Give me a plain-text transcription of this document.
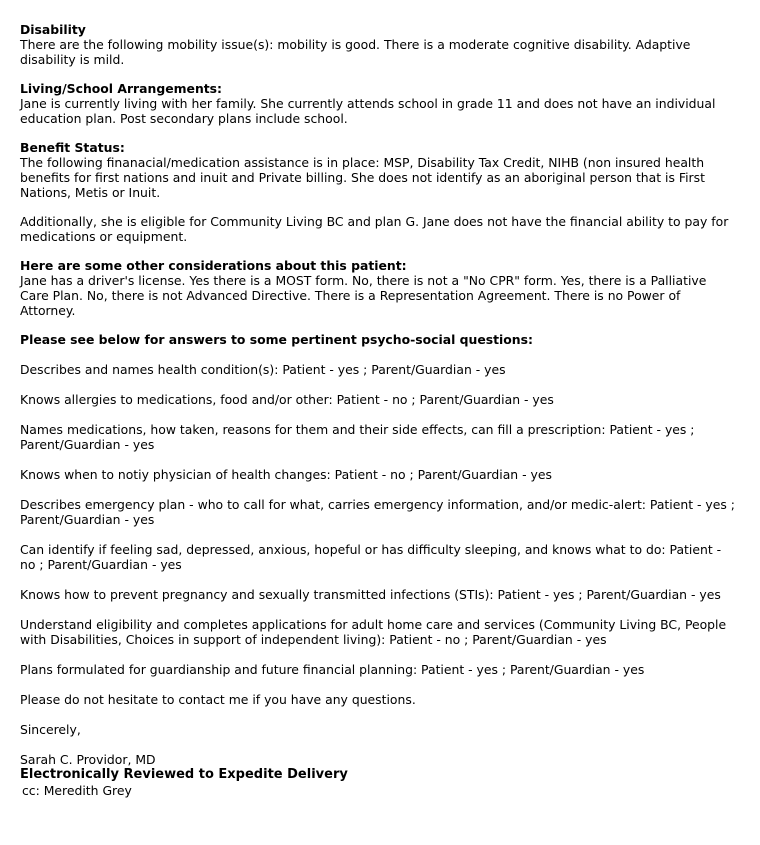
Disability

There are the following mobility issue(s): mobility is good. There is a moderate cognitive disability. Adaptive disability is mild.

Living/School Arrangements:

Jane is currently living with her family. She currently attends school in grade 11 and does not have an individual education plan. Post secondary plans include school.

Benefit Status:

The following finanacial/medication assistance is in place: MSP, Disability Tax Credit, NIHB (non insured health benefits for first nations and inuit and Private billing. She does not identify as an aboriginal person that is First Nations, Metis or Inuit.

Additionally, she is eligible for Community Living BC and plan G. Jane does not have the financial ability to pay for medications or equipment.

Here are some other considerations about this patient:

Jane has a driver's license. Yes there is a MOST form. No, there is not a "No CPR" form. Yes, there is a Palliative Care Plan. No, there is not Advanced Directive. There is a Representation Agreement. There is no Power of Attorney.

Please see below for answers to some pertinent psycho-social questions:

Describes and names health condition(s): Patient - yes ; Parent/Guardian - yes

Knows allergies to medications, food and/or other: Patient - no ; Parent/Guardian - yes

Names medications, how taken, reasons for them and their side effects, can fill a prescription: Patient - yes ; Parent/Guardian - yes

Knows when to notiy physician of health changes: Patient - no ; Parent/Guardian - yes

Describes emergency plan - who to call for what, carries emergency information, and/or medic-alert: Patient - yes ; Parent/Guardian - yes

Can identify if feeling sad, depressed, anxious, hopeful or has difficulty sleeping, and knows what to do: Patient - no ; Parent/Guardian - yes

Knows how to prevent pregnancy and sexually transmitted infections (STIs): Patient - yes ; Parent/Guardian - yes

Understand eligibility and completes applications for adult home care and services (Community Living BC, People with Disabilities, Choices in support of independent living): Patient - no ; Parent/Guardian - yes

Plans formulated for guardianship and future financial planning: Patient - yes ; Parent/Guardian - yes

Please do not hesitate to contact me if you have any questions.

Sincerely,

Sarah C. Providor, MD

Electronically Reviewed to Expedite Delivery

cc: Meredith Grey
